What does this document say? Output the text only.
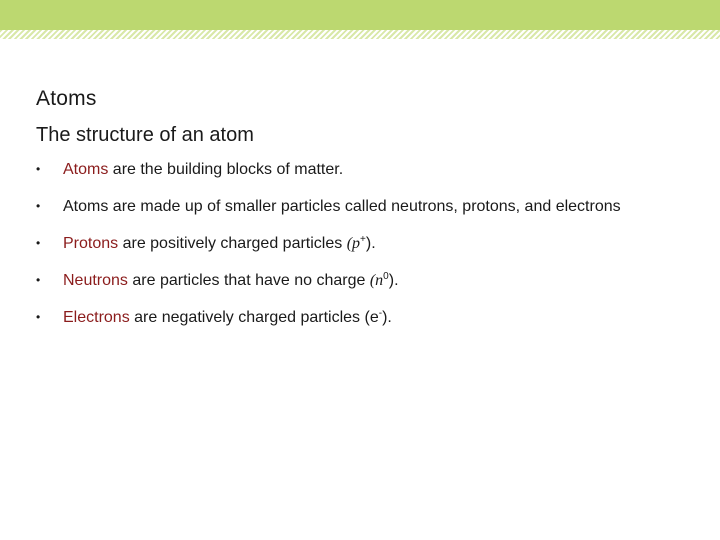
Atoms
The structure of an atom
• Atoms are the building blocks of matter.
• Atoms are made up of smaller particles called neutrons, protons, and electrons
• Protons are positively charged particles (p+).
• Neutrons are particles that have no charge $(n^0)$.
• Electrons are negatively charged particles (e-).
